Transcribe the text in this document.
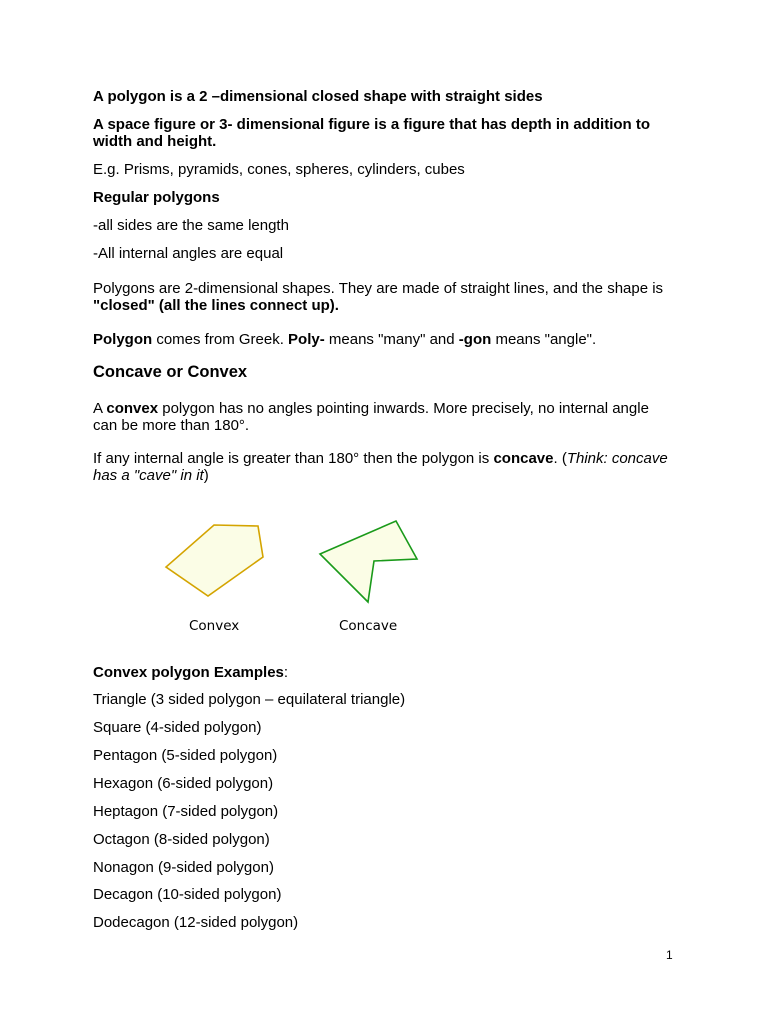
A polygon is a 2 –dimensional closed shape with straight sides
A space figure or 3- dimensional figure is a figure that has depth in addition to width and height.
E.g. Prisms, pyramids, cones, spheres, cylinders, cubes
Regular polygons
-all sides are the same length
-All internal angles are equal
Polygons are 2-dimensional shapes. They are made of straight lines, and the shape is "closed" (all the lines connect up).
Polygon comes from Greek. Poly- means "many" and -gon means "angle".
Concave or Convex
A convex polygon has no angles pointing inwards. More precisely, no internal angle can be more than 180°.
If any internal angle is greater than 180° then the polygon is concave. (Think: concave has a "cave" in it)
Convex	Concave
Convex polygon Examples:
Triangle (3 sided polygon – equilateral triangle)
Square (4-sided polygon)
Pentagon (5-sided polygon)
Hexagon (6-sided polygon)
Heptagon (7-sided polygon)
Octagon (8-sided polygon)
Nonagon (9-sided polygon)
Decagon (10-sided polygon)
Dodecagon (12-sided polygon)
1
